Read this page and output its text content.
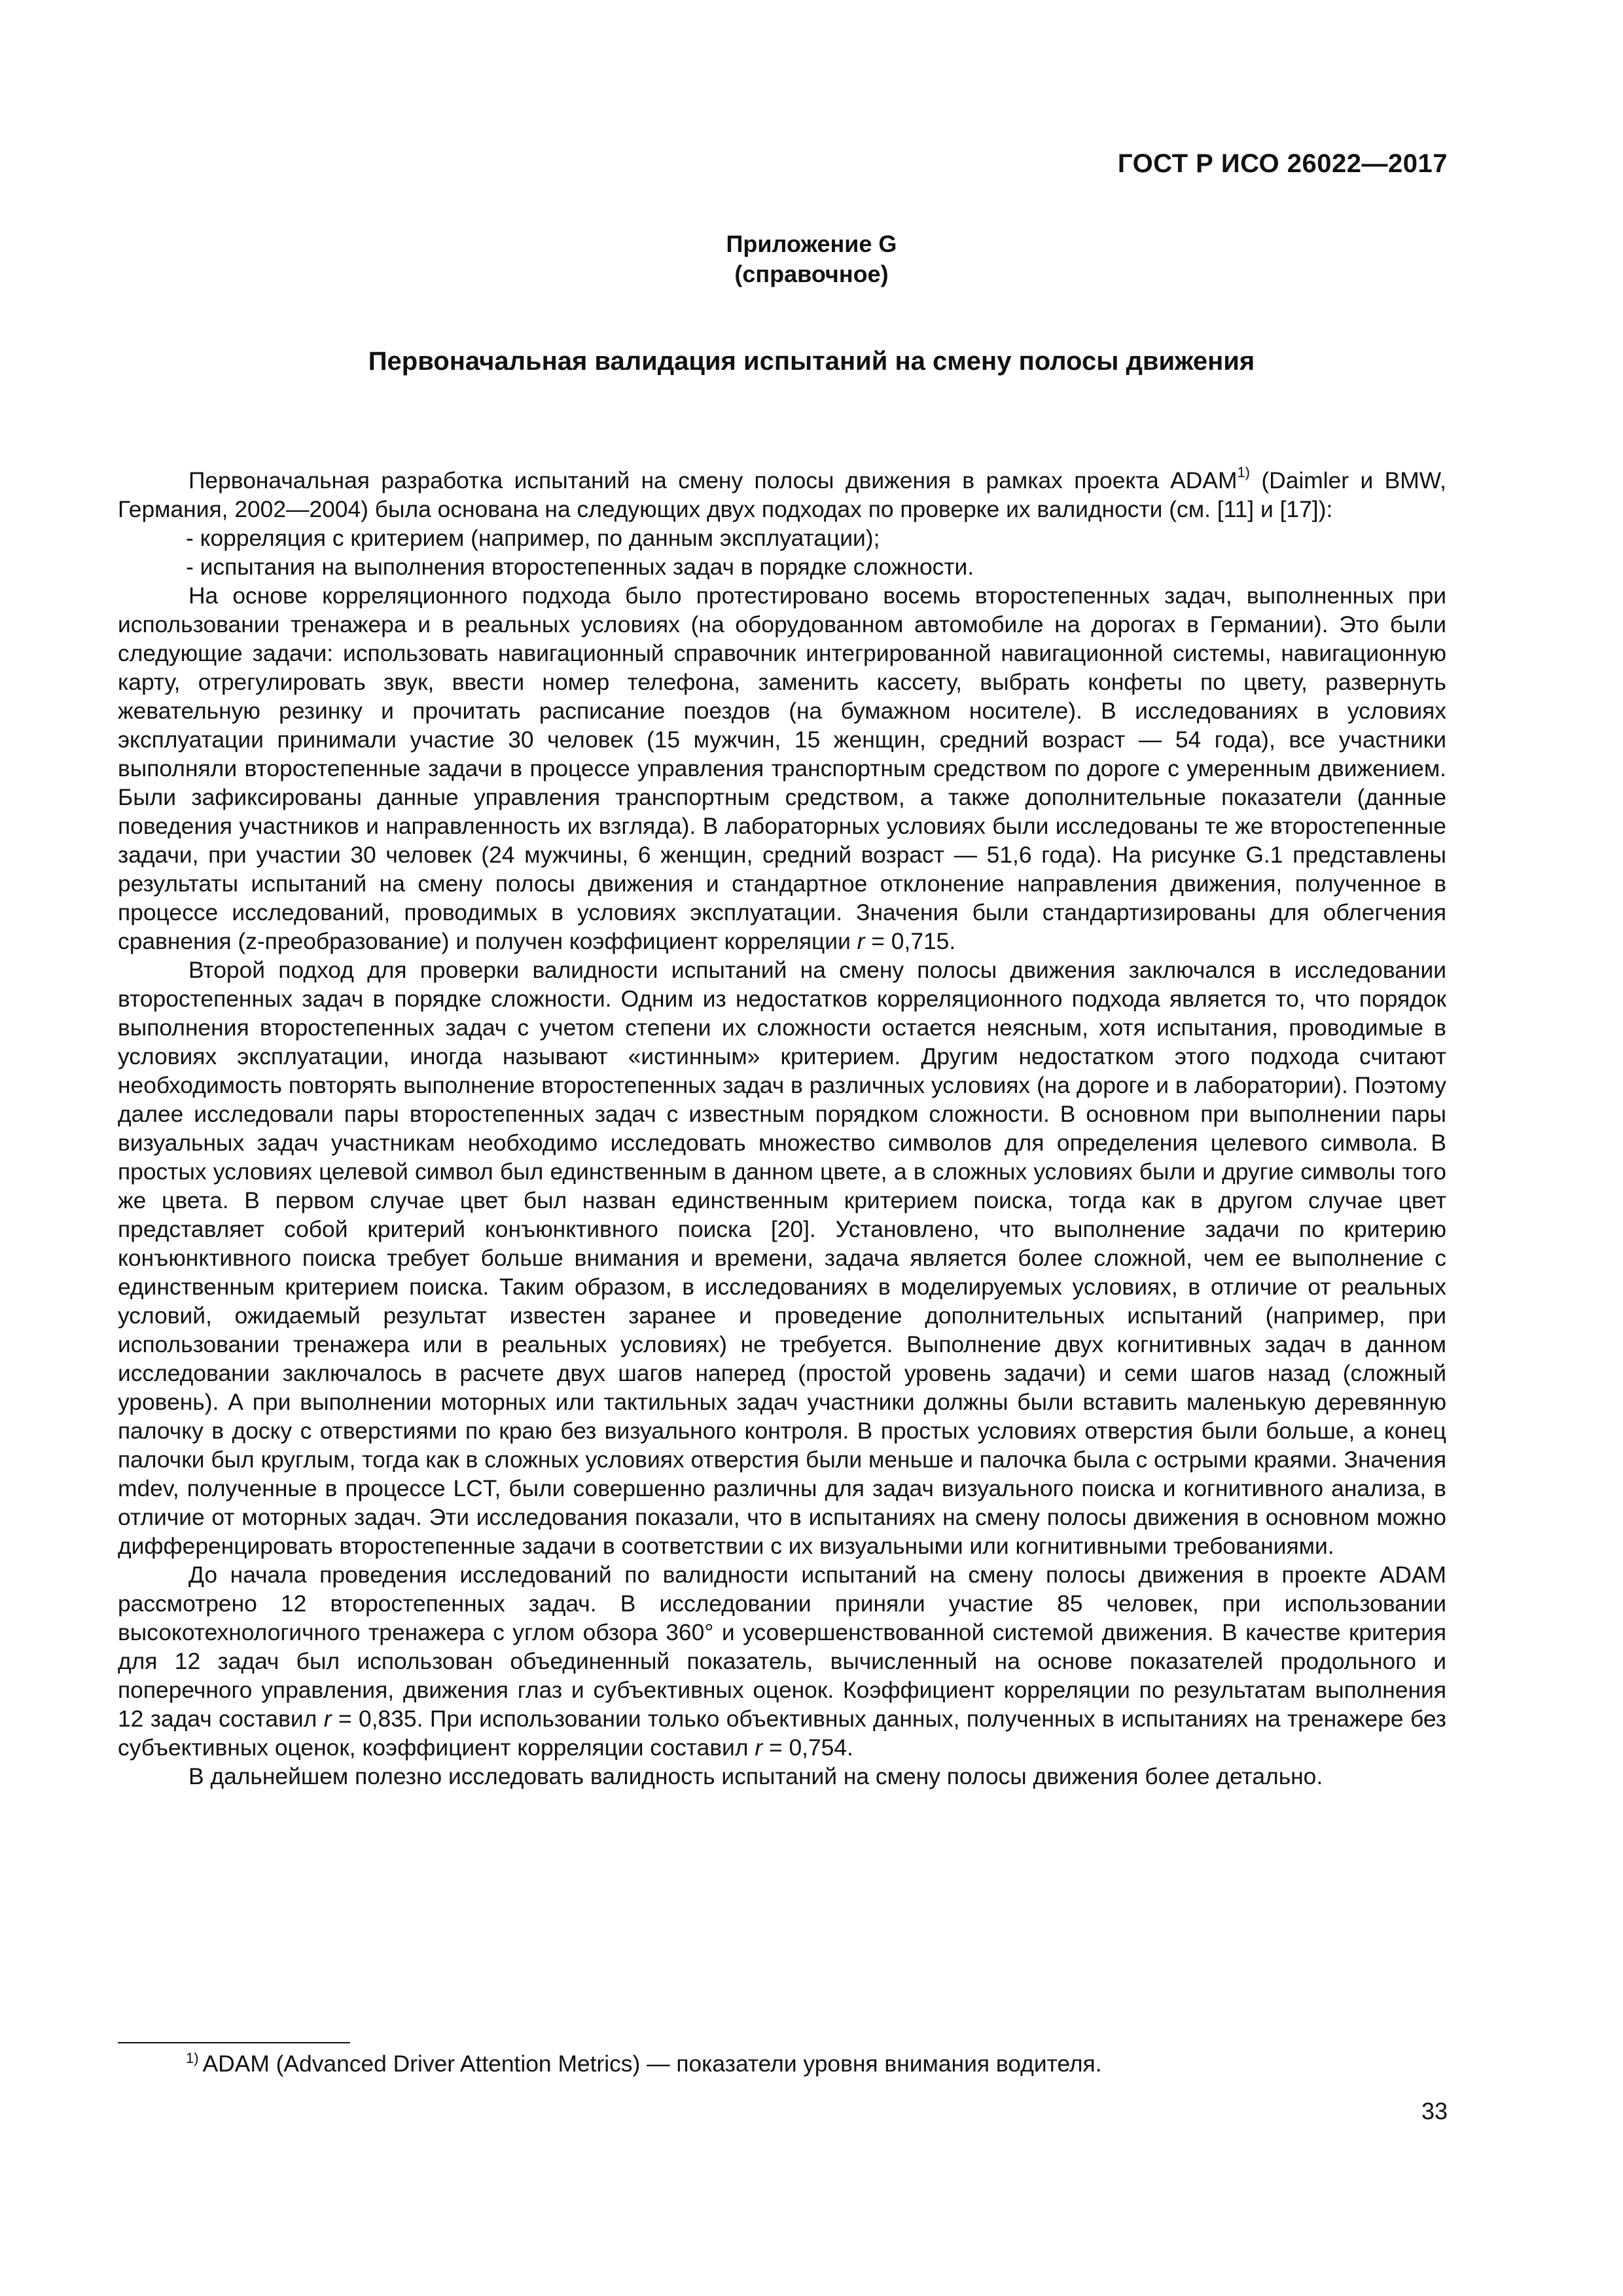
ГОСТ Р ИСО 26022—2017
Приложение G
(справочное)
Первоначальная валидация испытаний на смену полосы движения

Первоначальная разработка испытаний на смену полосы движения в рамках проекта ADAM$^{1)}$ (Daimler и BMW, Германия, 2002—2004) была основана на следующих двух подходах по проверке их валидности (см. [11] и [17]):

- корреляция с критерием (например, по данным эксплуатации);

- испытания на выполнения второстепенных задач в порядке сложности.

На основе корреляционного подхода было протестировано восемь второстепенных задач, выполненных при использовании тренажера и в реальных условиях (на оборудованном автомобиле на дорогах в Германии). Это были следующие задачи: использовать навигационный справочник интегрированной навигационной системы, навигационную карту, отрегулировать звук, ввести номер телефона, заменить кассету, выбрать конфеты по цвету, развернуть жевательную резинку и прочитать расписание поездов (на бумажном носителе). В исследованиях в условиях эксплуатации принимали участие 30 человек (15 мужчин, 15 женщин, средний возраст — 54 года), все участники выполняли второстепенные задачи в процессе управления транспортным средством по дороге с умеренным движением. Были зафиксированы данные управления транспортным средством, а также дополнительные показатели (данные поведения участников и направленность их взгляда). В лабораторных условиях были исследованы те же второстепенные задачи, при участии 30 человек (24 мужчины, 6 женщин, средний возраст — 51,6 года). На рисунке G.1 представлены результаты испытаний на смену полосы движения и стандартное отклонение направления движения, полученное в процессе исследований, проводимых в условиях эксплуатации. Значения были стандартизированы для облегчения сравнения (z-преобразование) и получен коэффициент корреляции r = 0,715.

Второй подход для проверки валидности испытаний на смену полосы движения заключался в исследовании второстепенных задач в порядке сложности. Одним из недостатков корреляционного подхода является то, что порядок выполнения второстепенных задач с учетом степени их сложности остается неясным, хотя испытания, проводимые в условиях эксплуатации, иногда называют «истинным» критерием. Другим недостатком этого подхода считают необходимость повторять выполнение второстепенных задач в различных условиях (на дороге и в лаборатории). Поэтому далее исследовали пары второстепенных задач с известным порядком сложности. В основном при выполнении пары визуальных задач участникам необходимо исследовать множество символов для определения целевого символа. В простых условиях целевой символ был единственным в данном цвете, а в сложных условиях были и другие символы того же цвета. В первом случае цвет был назван единственным критерием поиска, тогда как в другом случае цвет представляет собой критерий конъюнктивного поиска [20]. Установлено, что выполнение задачи по критерию конъюнктивного поиска требует больше внимания и времени, задача является более сложной, чем ее выполнение с единственным критерием поиска. Таким образом, в исследованиях в моделируемых условиях, в отличие от реальных условий, ожидаемый результат известен заранее и проведение дополнительных испытаний (например, при использовании тренажера или в реальных условиях) не требуется. Выполнение двух когнитивных задач в данном исследовании заключалось в расчете двух шагов наперед (простой уровень задачи) и семи шагов назад (сложный уровень). А при выполнении моторных или тактильных задач участники должны были вставить маленькую деревянную палочку в доску с отверстиями по краю без визуального контроля. В простых условиях отверстия были больше, а конец палочки был круглым, тогда как в сложных условиях отверстия были меньше и палочка была с острыми краями. Значения mdev, полученные в процессе LCT, были совершенно различны для задач визуального поиска и когнитивного анализа, в отличие от моторных задач. Эти исследования показали, что в испытаниях на смену полосы движения в основном можно дифференцировать второстепенные задачи в соответствии с их визуальными или когнитивными требованиями.

До начала проведения исследований по валидности испытаний на смену полосы движения в проекте ADAM рассмотрено 12 второстепенных задач. В исследовании приняли участие 85 человек, при использовании высокотехнологичного тренажера с углом обзора 360° и усовершенствованной системой движения. В качестве критерия для 12 задач был использован объединенный показатель, вычисленный на основе показателей продольного и поперечного управления, движения глаз и субъективных оценок. Коэффициент корреляции по результатам выполнения 12 задач составил r = 0,835. При использовании только объективных данных, полученных в испытаниях на тренажере без субъективных оценок, коэффициент корреляции составил r = 0,754.

В дальнейшем полезно исследовать валидность испытаний на смену полосы движения более детально.

$^{1)}$ ADAM (Advanced Driver Attention Metrics) — показатели уровня внимания водителя.
33
